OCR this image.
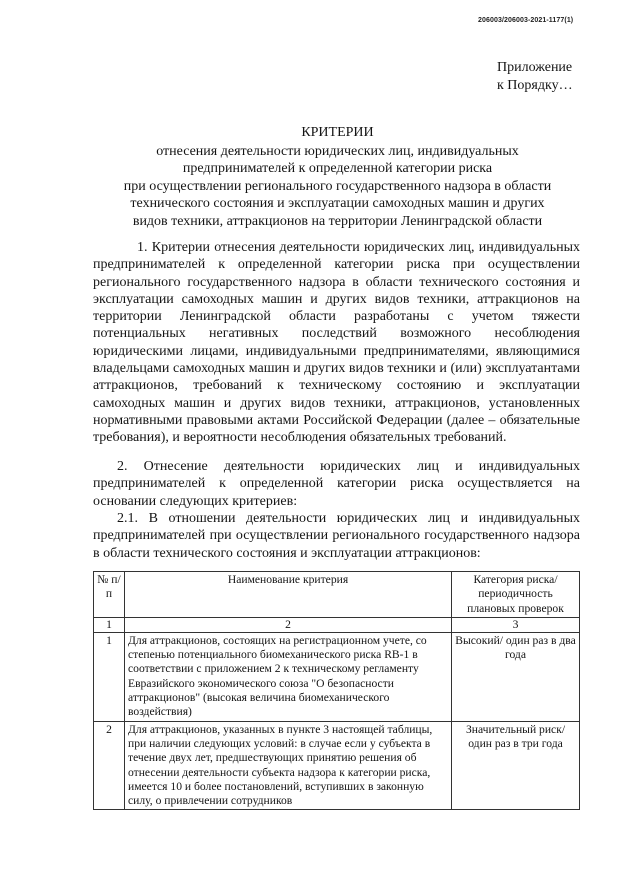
206003/206003-2021-1177(1)
Приложение
к Порядку…
КРИТЕРИИ
отнесения деятельности юридических лиц, индивидуальных
предпринимателей к определенной категории риска
при осуществлении регионального государственного надзора в области
технического состояния и эксплуатации самоходных машин и других
видов техники, аттракционов на территории Ленинградской области

1. Критерии отнесения деятельности юридических лиц, индивидуальных предпринимателей к определенной категории риска при осуществлении регионального государственного надзора в области технического состояния и эксплуатации самоходных машин и других видов техники, аттракционов на территории Ленинградской области разработаны с учетом тяжести потенциальных негативных последствий возможного несоблюдения юридическими лицами, индивидуальными предпринимателями, являющимися владельцами самоходных машин и других видов техники и (или) эксплуатантами аттракционов, требований к техническому состоянию и эксплуатации самоходных машин и других видов техники, аттракционов, установленных нормативными правовыми актами Российской Федерации (далее – обязательные требования), и вероятности несоблюдения обязательных требований.

2. Отнесение деятельности юридических лиц и индивидуальных предпринимателей к определенной категории риска осуществляется на основании следующих критериев:

2.1. В отношении деятельности юридических лиц и индивидуальных предпринимателей при осуществлении регионального государственного надзора в области технического состояния и эксплуатации аттракционов:

№ п/п	Наименование критерия	Категория риска/периодичность плановых проверок
1	2	3
1	Для аттракционов, состоящих на регистрационном учете, со степенью потенциального биомеханического риска RB-1 в соответствии с приложением 2 к техническому регламенту Евразийского экономического союза "О безопасности аттракционов" (высокая величина биомеханического воздействия)	Высокий/ один раз в два года
2	Для аттракционов, указанных в пункте 3 настоящей таблицы, при наличии следующих условий: в случае если у субъекта в течение двух лет, предшествующих принятию решения об отнесении деятельности субъекта надзора к категории риска, имеется 10 и более постановлений, вступивших в законную силу, о привлечении сотрудников	Значительный риск/ один раз в три года
